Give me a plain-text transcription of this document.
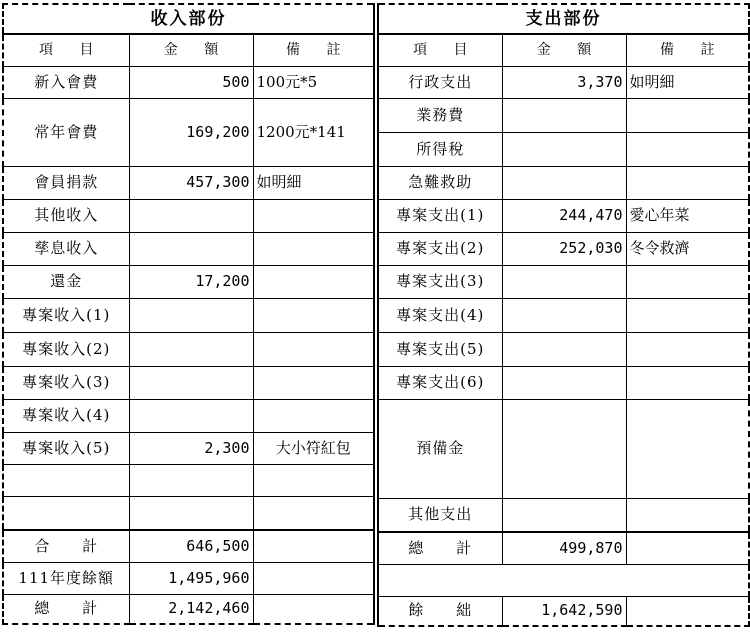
收入部份		
項 目	金 額	備 註
新入會費	500	100元*5
常年會費	169,200	1200元*141
會員捐款	457,300	如明細
其他收入		
孳息收入		
還金	17,200	
專案收入(1)		
專案收入(2)		
專案收入(3)		
專案收入(4)		
專案收入(5)	2,300	大小符紅包

合 計	646,500	
111年度餘額	1,495,960	
總 計	2,142,460	
支出部份		
項 目	金 額	備 註
行政支出	3,370	如明細
業務費		
所得稅		
急難救助		
專案支出(1)	244,470	愛心年菜
專案支出(2)	252,030	冬令救濟
專案支出(3)		
專案支出(4)		
專案支出(5)		
專案支出(6)		
預備金		
其他支出		
總 計	499,870	

餘 絀	1,642,590	
